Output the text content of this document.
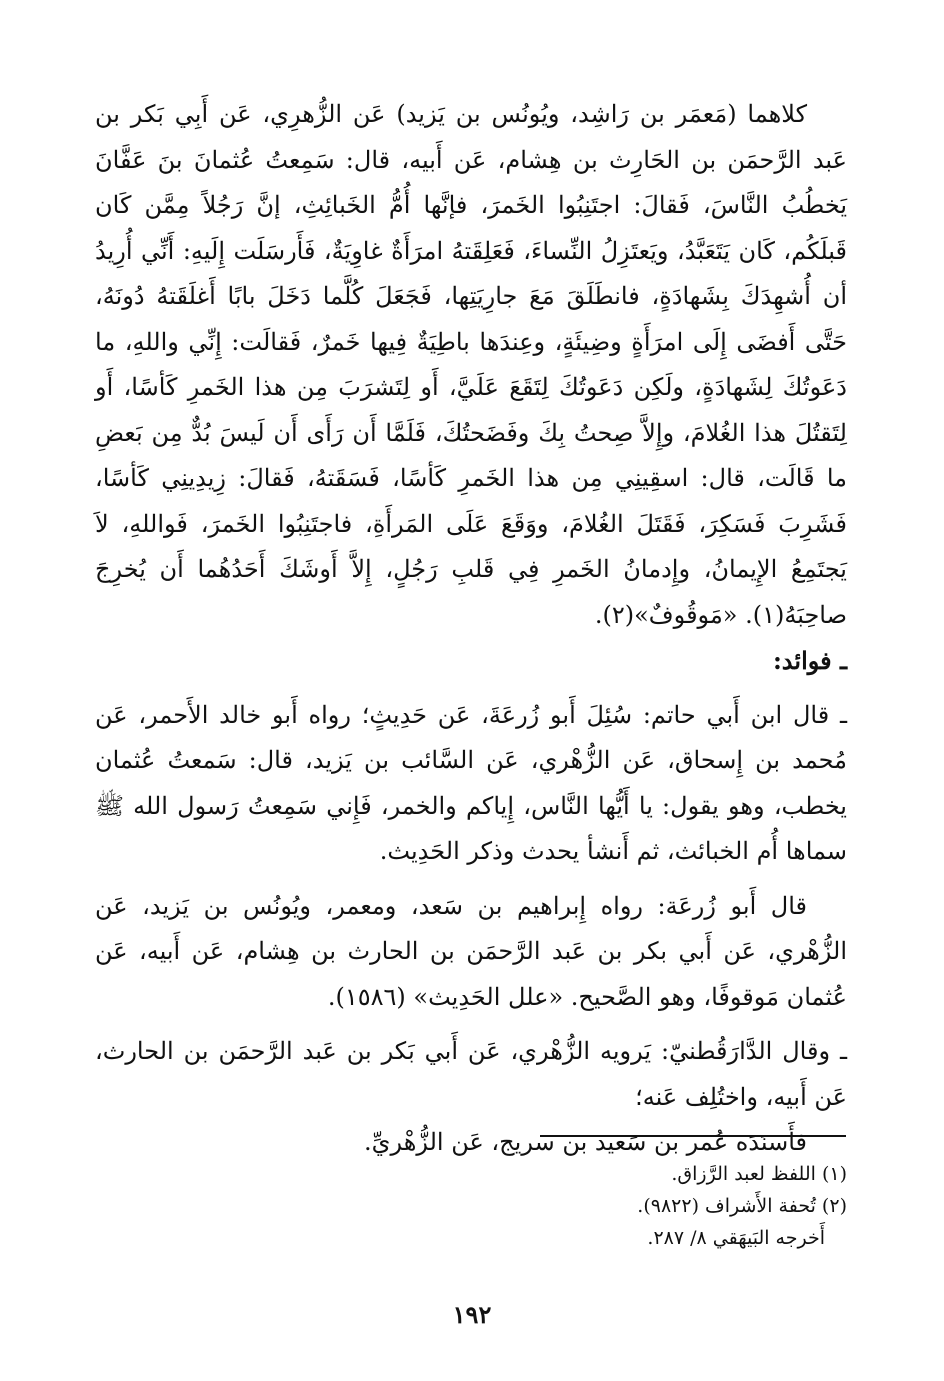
كلاهما (مَعمَر بن رَاشِد، ويُونُس بن يَزيد) عَن الزُّهرِي، عَن أَبِي بَكر بن عَبد الرَّحمَن بن الحَارِث بن هِشام، عَن أَبيه، قال: سَمِعتُ عُثمانَ بنَ عَفَّانَ يَخطُبُ النَّاسَ، فَقالَ: اجتَنِبُوا الخَمرَ، فإنَّها أُمُّ الخَبائِثِ، إنَّ رَجُلاً مِمَّن كَان قَبلَكُم، كَان يَتَعَبَّدُ، ويَعتَزِلُ النِّساءَ، فَعَلِقَتهُ امرَأَةٌ غاوِيَةٌ، فَأَرسَلَت إِلَيهِ: أَنِّي أُرِيدُ أن أُشهِدَكَ بِشَهادَةٍ، فانطَلَقَ مَعَ جارِيَتِها، فَجَعَلَ كُلَّما دَخَلَ بابًا أَغلَقَتهُ دُونَهُ، حَتَّى أَفضَى إِلَى امرَأَةٍ وضِيئَةٍ، وعِندَها باطِيَةٌ فِيها خَمرٌ، فَقالَت: إِنِّي واللهِ، ما دَعَوتُكَ لِشَهادَةٍ، ولَكِن دَعَوتُكَ لِتَقَعَ عَلَيَّ، أَو لِتَشرَبَ مِن هذا الخَمرِ كَأسًا، أَو لِتَقتُلَ هذا الغُلامَ، وإِلاَّ صِحتُ بِكَ وفَضَحتُكَ، فَلَمَّا أَن رَأَى أَن لَيسَ بُدٌّ مِن بَعضِ ما قَالَت، قال: اسقِينِي مِن هذا الخَمرِ كَأسًا، فَسَقَتهُ، فَقالَ: زِيدِينِي كَأسًا، فَشَرِبَ فَسَكِرَ، فَقَتَلَ الغُلامَ، ووَقَعَ عَلَى المَرأَةِ، فاجتَنِبُوا الخَمرَ، فَواللهِ، لاَ يَجتَمِعُ الإِيمانُ، وإِدمانُ الخَمرِ فِي قَلبِ رَجُلٍ، إِلاَّ أَوشَكَ أَحَدُهُما أَن يُخرِجَ صاحِبَهُ(١). «مَوقُوفٌ»(٢).

ـ فوائد:

ـ قال ابن أَبي حاتم: سُئِلَ أَبو زُرعَةَ، عَن حَدِيثٍ؛ رواه أَبو خالد الأَحمر، عَن مُحمد بن إِسحاق، عَن الزُّهْري، عَن السَّائب بن يَزيد، قال: سَمعتُ عُثمان يخطب، وهو يقول: يا أَيُّها النَّاس، إِياكم والخمر، فَإِني سَمِعتُ رَسول الله ﷺ سماها أُم الخبائث، ثم أَنشأ يحدث وذكر الحَدِيث.

قال أَبو زُرعَة: رواه إِبراهيم بن سَعد، ومعمر، ويُونُس بن يَزيد، عَن الزُّهْري، عَن أَبي بكر بن عَبد الرَّحمَن بن الحارث بن هِشام، عَن أَبيه، عَن عُثمان مَوقوفًا، وهو الصَّحيح. «علل الحَدِيث» (١٥٨٦).

ـ وقال الدَّارَقُطنيّ: يَرويه الزُّهْري، عَن أَبي بَكر بن عَبد الرَّحمَن بن الحارث، عَن أَبيه، واختُلِف عَنه؛

فأَسنَدَه عُمر بن سَعيد بن سريج، عَن الزُّهْريِّ.

(١) اللفظ لعبد الرَّزاق.

(٢) تُحفة الأَشراف (٩٨٢٢).

أَخرجه البَيهَقي ٨/ ٢٨٧.

١٩٢
